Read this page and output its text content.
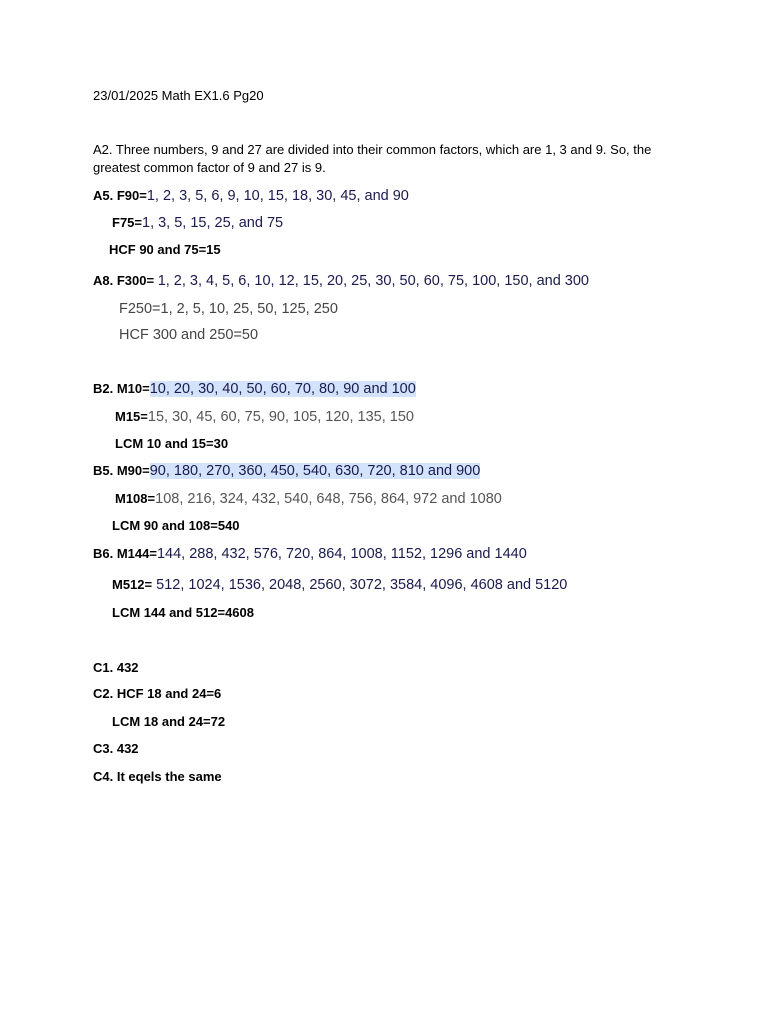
23/01/2025 Math EX1.6 Pg20
A2. Three numbers, 9 and 27 are divided into their common factors, which are 1, 3 and 9. So, the greatest common factor of 9 and 27 is 9.
A5. F90=1, 2, 3, 5, 6, 9, 10, 15, 18, 30, 45, and 90
F75=1, 3, 5, 15, 25, and 75
HCF 90 and 75=15
A8. F300= 1, 2, 3, 4, 5, 6, 10, 12, 15, 20, 25, 30, 50, 60, 75, 100, 150, and 300
F250=1, 2, 5, 10, 25, 50, 125, 250
HCF 300 and 250=50
B2. M10=10, 20, 30, 40, 50, 60, 70, 80, 90 and 100
M15=15, 30, 45, 60, 75, 90, 105, 120, 135, 150
LCM 10 and 15=30
B5. M90=90, 180, 270, 360, 450, 540, 630, 720, 810 and 900
M108=108, 216, 324, 432, 540, 648, 756, 864, 972 and 1080
LCM 90 and 108=540
B6. M144=144, 288, 432, 576, 720, 864, 1008, 1152, 1296 and 1440
M512= 512, 1024, 1536, 2048, 2560, 3072, 3584, 4096, 4608 and 5120
LCM 144 and 512=4608
C1. 432
C2. HCF 18 and 24=6
LCM 18 and 24=72
C3. 432
C4. It eqels the same
